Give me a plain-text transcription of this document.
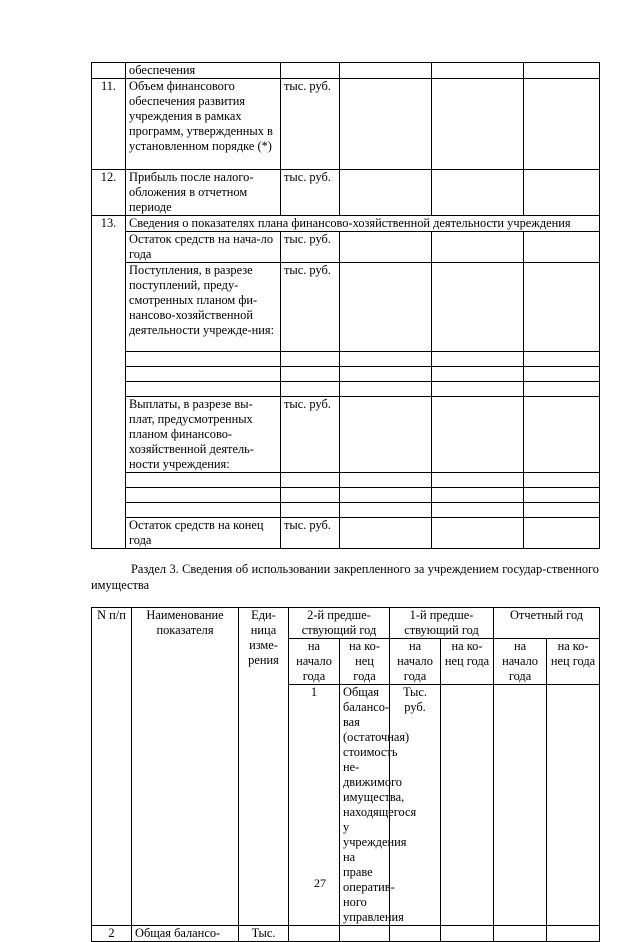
	обеспечения				
11.	Объем финансового обеспечения развития учреждения в рамках программ, утвержденных в установленном порядке (*)	тыс. руб.			
12.	Прибыль после налого-обложения в отчетном периоде	тыс. руб.			
13.	Сведения о показателях плана финансово-хозяйственной деятельности учреждения				
	Остаток средств на нача-ло года	тыс. руб.			
	Поступления, в разрезе поступлений, преду-смотренных планом фи-нансово-хозяйственной деятельности учрежде-ния:	тыс. руб.			

	Выплаты, в разрезе вы-плат, предусмотренных планом финансово-хозяйственной деятель-ности учреждения:	тыс. руб.			

	Остаток средств на конец года	тыс. руб.			

Раздел 3. Сведения об использовании закрепленного за учреждением государ-ственного имущества

N п/п	Наименование показателя	Еди-ница изме-рения	2-й предше-ствующий год		1-й предше-ствующий год		Отчетный год		
			на начало года	на ко-нец года	на начало года	на ко-нец года	на начало года	на ко-нец года	
			1	Общая балансо-вая (остаточная) стоимость не-движимого имущества, находящегося у учреждения на праве оператив-ного управления	Тыс. руб.						
2	Общая балансо-	Тыс.							
27
